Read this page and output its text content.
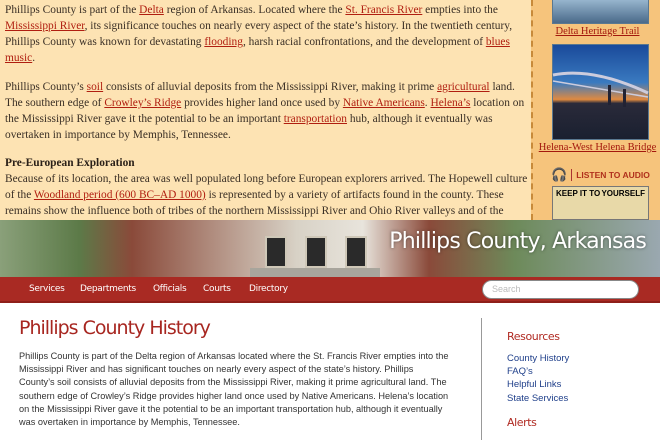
Phillips County is part of the Delta region of Arkansas. Located where the St. Francis River empties into the Mississippi River, its significance touches on nearly every aspect of the state’s history. In the twentieth century, Phillips County was known for devastating flooding, harsh racial confrontations, and the development of blues music.

Phillips County’s soil consists of alluvial deposits from the Mississippi River, making it prime agricultural land. The southern edge of Crowley’s Ridge provides higher land once used by Native Americans. Helena’s location on the Mississippi River gave it the potential to be an important transportation hub, although it eventually was overtaken in importance by Memphis, Tennessee.

Pre-European Exploration

Because of its location, the area was well populated long before European explorers arrived. The Hopewell culture of the Woodland period (600 BC–AD 1000) is represented by a variety of artifacts found in the county. These remains show the influence both of tribes of the northern Mississippi River and Ohio River valleys and of the

Delta Heritage Trail
Helena-West Helena Bridge
🎧 LISTEN TO AUDIO
KEEP IT TO YOURSELF
Phillips County, Arkansas
Services Departments Officials Courts Directory	Search
Phillips County History
Phillips County is part of the Delta region of Arkansas located where the St. Francis River empties into the
Mississippi River and has significant touches on nearly every aspect of the state’s history. Phillips
County’s soil consists of alluvial deposits from the Mississippi River, making it prime agricultural land. The
southern edge of Crowley’s Ridge provides higher land once used by Native Americans. Helena’s location
on the Mississippi River gave it the potential to be an important transportation hub, although it eventually
was overtaken in importance by Memphis, Tennessee.
Resources
County History
FAQ’s
Helpful Links
State Services
Alerts
